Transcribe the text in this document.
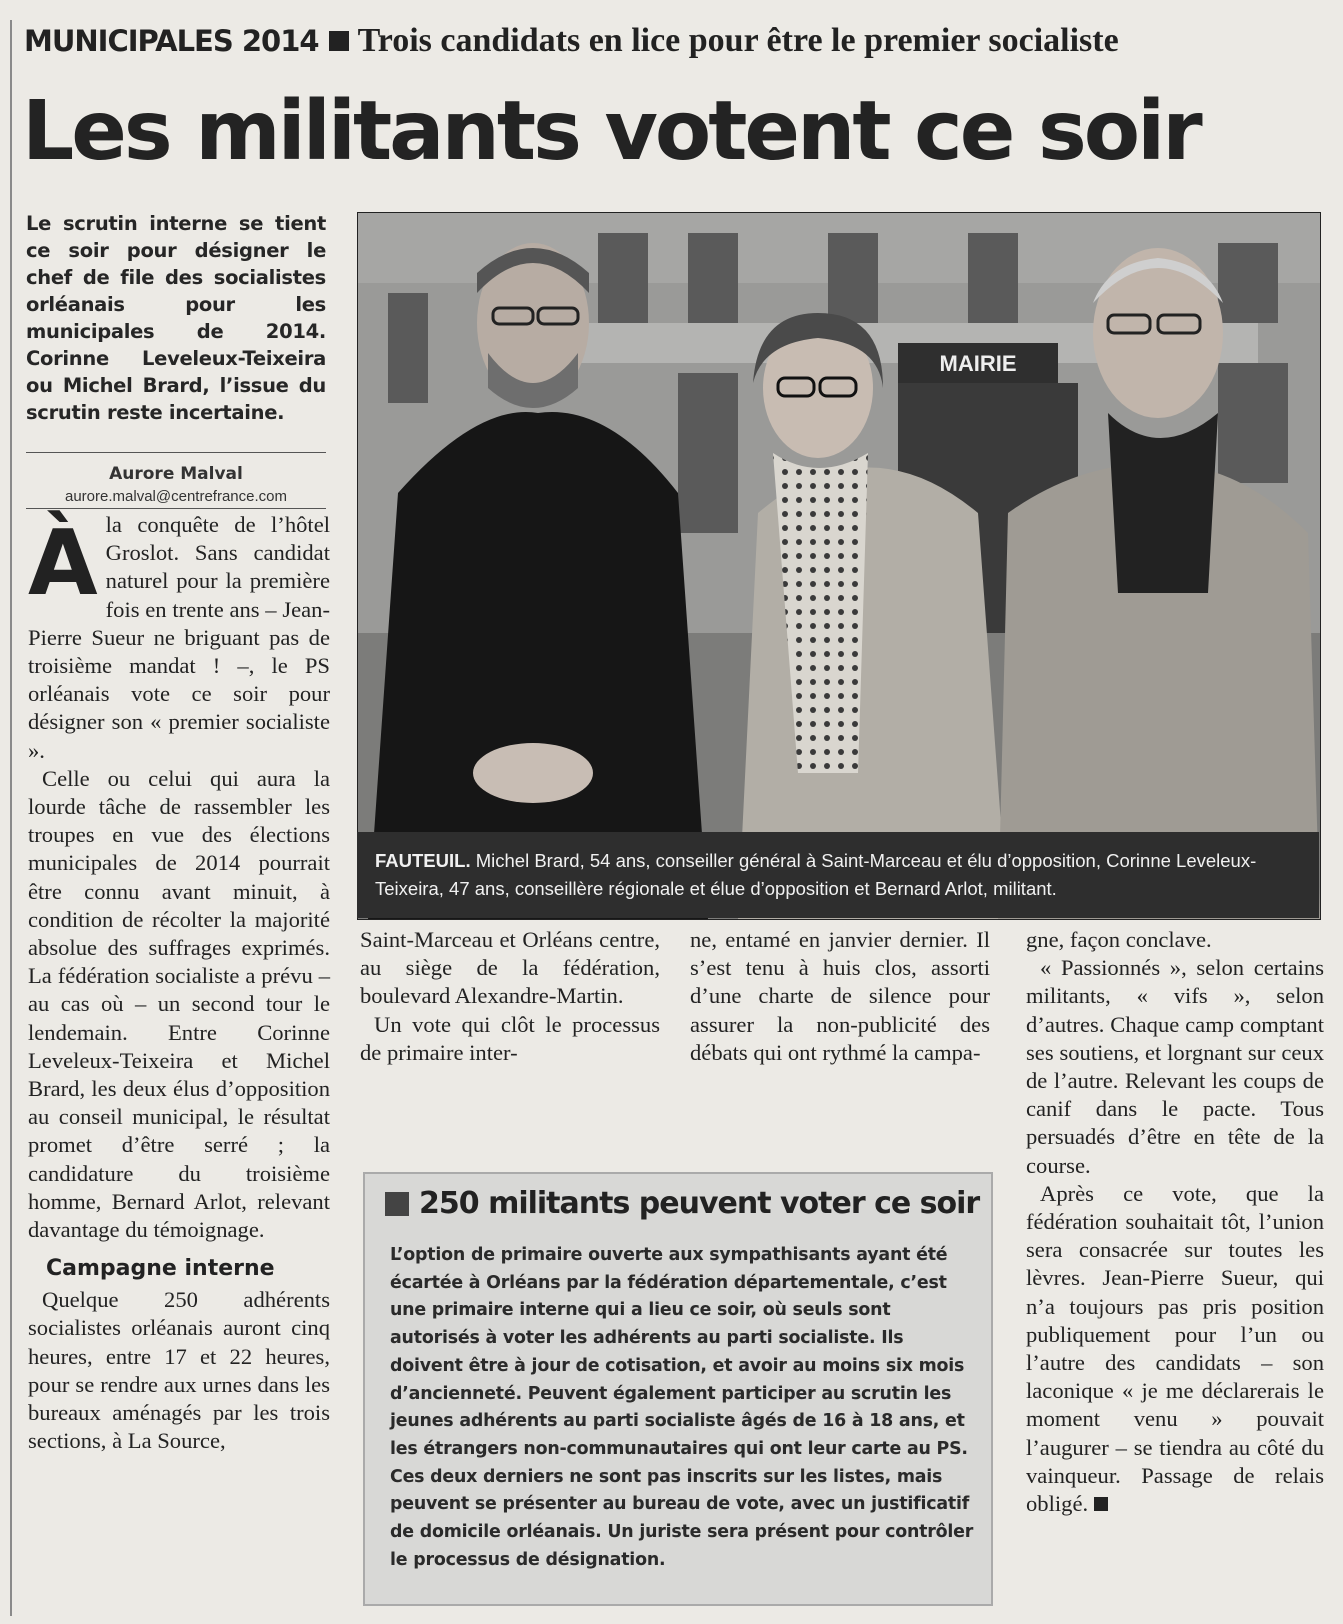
MUNICIPALES 2014 Trois candidats en lice pour être le premier socialiste
Les militants votent ce soir
Le scrutin interne se tient ce soir pour désigner le chef de file des socialistes orléanais pour les municipales de 2014. Corinne Leveleux-Teixeira ou Michel Brard, l’issue du scrutin reste incertaine.
Aurore Malval
aurore.malval@centrefrance.com

Àla conquête de l’hôtel Groslot. Sans candidat naturel pour la première fois en trente ans – Jean-Pierre Sueur ne briguant pas de troisième mandat ! –, le PS orléanais vote ce soir pour désigner son « premier socialiste ».

Celle ou celui qui aura la lourde tâche de rassembler les troupes en vue des élections municipales de 2014 pourrait être connu avant minuit, à condition de récolter la majorité absolue des suffrages exprimés. La fédération socialiste a prévu – au cas où – un second tour le lendemain. Entre Corinne Leveleux-Teixeira et Michel Brard, les deux élus d’opposition au conseil municipal, le résultat promet d’être serré ; la candidature du troisième homme, Bernard Arlot, relevant davantage du témoignage.

Campagne interne

Quelque 250 adhérents socialistes orléanais auront cinq heures, entre 17 et 22 heures, pour se rendre aux urnes dans les bureaux aménagés par les trois sections, à La Source,

MAIRIE
FAUTEUIL. Michel Brard, 54 ans, conseiller général à Saint-Marceau et élu d’opposition, Corinne Leveleux-Teixeira, 47 ans, conseillère régionale et élue d’opposition et Bernard Arlot, militant.

Saint-Marceau et Orléans centre, au siège de la fédération, boulevard Alexandre-Martin.

Un vote qui clôt le processus de primaire inter-

ne, entamé en janvier dernier. Il s’est tenu à huis clos, assorti d’une charte de silence pour assurer la non-publicité des débats qui ont rythmé la campa-

gne, façon conclave.

« Passionnés », selon certains militants, « vifs », selon d’autres. Chaque camp comptant ses soutiens, et lorgnant sur ceux de l’autre. Relevant les coups de canif dans le pacte. Tous persuadés d’être en tête de la course.

Après ce vote, que la fédération souhaitait tôt, l’union sera consacrée sur toutes les lèvres. Jean-Pierre Sueur, qui n’a toujours pas pris position publiquement pour l’un ou l’autre des candidats – son laconique « je me déclarerais le moment venu » pouvait l’augurer – se tiendra au côté du vainqueur. Passage de relais obligé.

250 militants peuvent voter ce soir
L’option de primaire ouverte aux sympathisants ayant été écartée à Orléans par la fédération départementale, c’est une primaire interne qui a lieu ce soir, où seuls sont autorisés à voter les adhérents au parti socialiste. Ils doivent être à jour de cotisation, et avoir au moins six mois d’ancienneté. Peuvent également participer au scrutin les jeunes adhérents au parti socialiste âgés de 16 à 18 ans, et les étrangers non-communautaires qui ont leur carte au PS. Ces deux derniers ne sont pas inscrits sur les listes, mais peuvent se présenter au bureau de vote, avec un justificatif de domicile orléanais. Un juriste sera présent pour contrôler le processus de désignation.
